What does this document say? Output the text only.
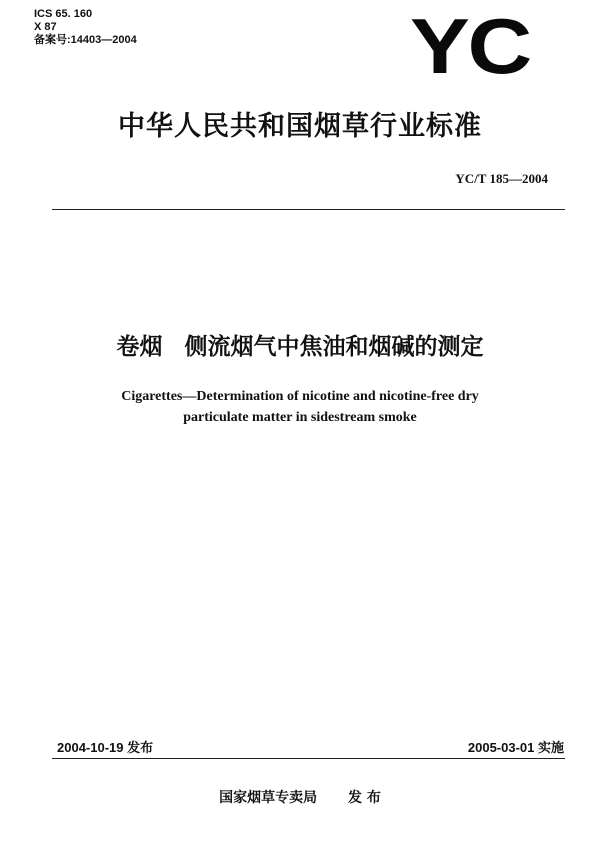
ICS 65. 160
X 87
备案号:14403—2004	YC
中华人民共和国烟草行业标准
YC/T 185—2004
卷烟 侧流烟气中焦油和烟碱的测定
Cigarettes—Determination of nicotine and nicotine-free dry
particulate matter in sidestream smoke
2004-10-19 发布	2005-03-01 实施
国家烟草专卖局 发 布
